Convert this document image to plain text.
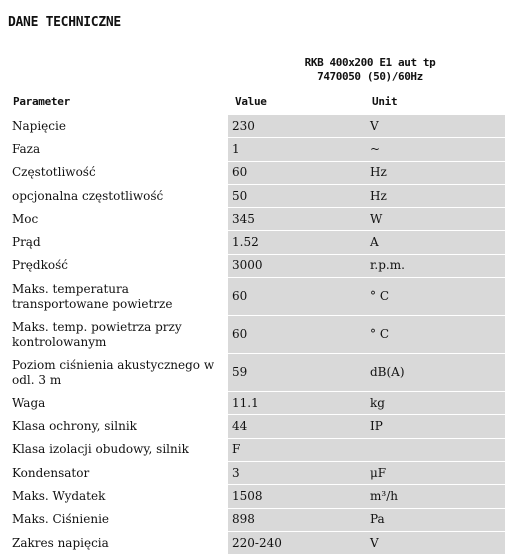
DANE TECHNICZNE
RKB 400x200 E1 aut tp
7470050 (50)/60Hz
Parameter	Value	Unit
Napięcie	230	V
Faza	1	~
Częstotliwość	60	Hz
opcjonalna częstotliwość	50	Hz
Moc	345	W
Prąd	1.52	A
Prędkość	3000	r.p.m.
Maks. temperatura transportowane powietrze	60	° C
Maks. temp. powietrza przy kontrolowanym	60	° C
Poziom ciśnienia akustycznego w odl. 3 m	59	dB(A)
Waga	11.1	kg
Klasa ochrony, silnik	44	IP
Klasa izolacji obudowy, silnik	F	
Kondensator	3	μF
Maks. Wydatek	1508	m³/h
Maks. Ciśnienie	898	Pa
Zakres napięcia	220-240	V
